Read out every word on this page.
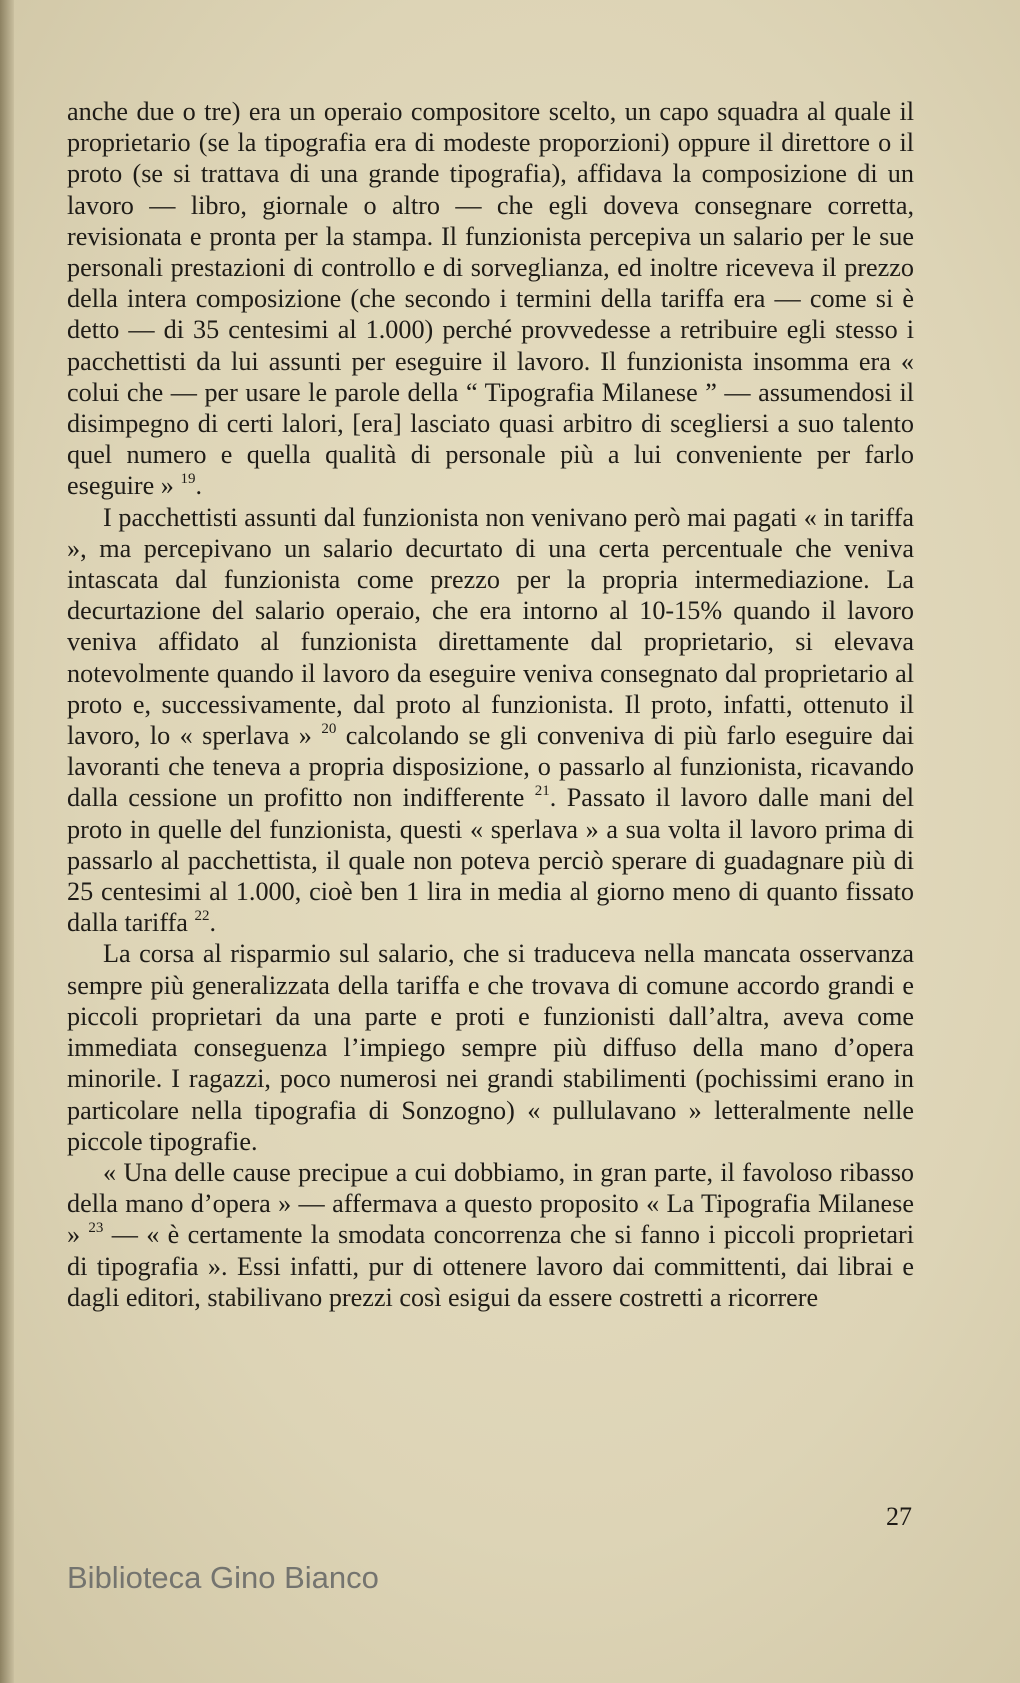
anche due o tre) era un operaio compositore scelto, un capo squadra al quale il proprietario (se la tipografia era di modeste proporzioni) oppure il direttore o il proto (se si trattava di una grande tipografia), affidava la composizione di un lavoro — libro, giornale o altro — che egli doveva consegnare corretta, revisionata e pronta per la stampa. Il funzionista percepiva un salario per le sue personali prestazioni di controllo e di sorveglianza, ed inoltre riceveva il prezzo della intera composizione (che secondo i termini della tariffa era — come si è detto — di 35 centesimi al 1.000) perché provvedesse a retribuire egli stesso i pacchettisti da lui assunti per eseguire il lavoro. Il funzionista insomma era « colui che — per usare le parole della “ Tipografia Milanese ” — assumendosi il disimpegno di certi lalori, [era] lasciato quasi arbitro di scegliersi a suo talento quel numero e quella qualità di personale più a lui conveniente per farlo eseguire » $^{19}$.

I pacchettisti assunti dal funzionista non venivano però mai pagati « in tariffa », ma percepivano un salario decurtato di una certa percentuale che veniva intascata dal funzionista come prezzo per la propria intermediazione. La decurtazione del salario operaio, che era intorno al 10-15% quando il lavoro veniva affidato al funzionista direttamente dal proprietario, si elevava notevolmente quando il lavoro da eseguire veniva consegnato dal proprietario al proto e, successivamente, dal proto al funzionista. Il proto, infatti, ottenuto il lavoro, lo « sperlava » $^{20}$ calcolando se gli conveniva di più farlo eseguire dai lavoranti che teneva a propria disposizione, o passarlo al funzionista, ricavando dalla cessione un profitto non indifferente $^{21}$. Passato il lavoro dalle mani del proto in quelle del funzionista, questi « sperlava » a sua volta il lavoro prima di passarlo al pacchettista, il quale non poteva perciò sperare di guadagnare più di 25 centesimi al 1.000, cioè ben 1 lira in media al giorno meno di quanto fissato dalla tariffa $^{22}$.

La corsa al risparmio sul salario, che si traduceva nella mancata osservanza sempre più generalizzata della tariffa e che trovava di comune accordo grandi e piccoli proprietari da una parte e proti e funzionisti dall’altra, aveva come immediata conseguenza l’impiego sempre più diffuso della mano d’opera minorile. I ragazzi, poco numerosi nei grandi stabilimenti (pochissimi erano in particolare nella tipografia di Sonzogno) « pullulavano » letteralmente nelle piccole tipografie.

« Una delle cause precipue a cui dobbiamo, in gran parte, il favoloso ribasso della mano d’opera » — affermava a questo proposito « La Tipografia Milanese » $^{23}$ — « è certamente la smodata concorrenza che si fanno i piccoli proprietari di tipografia ». Essi infatti, pur di ottenere lavoro dai committenti, dai librai e dagli editori, stabilivano prezzi così esigui da essere costretti a ricorrere

27
Biblioteca Gino Bianco
